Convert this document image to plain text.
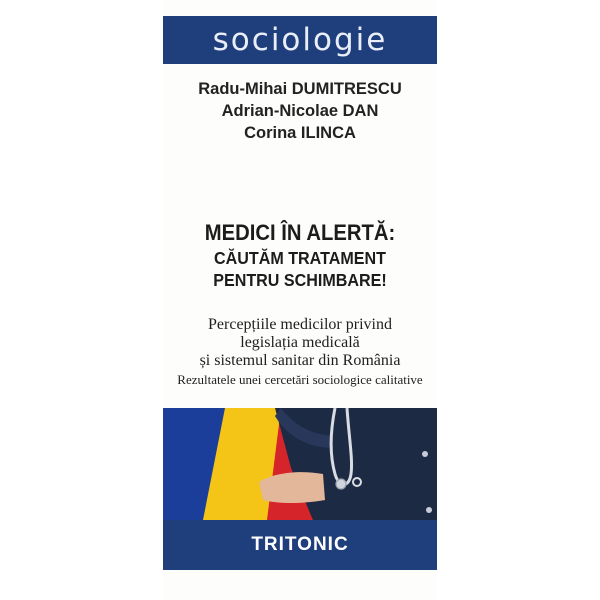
sociologie
Radu-Mihai DUMITRESCU
Adrian-Nicolae DAN
Corina ILINCA
MEDICI ÎN ALERTĂ:
CĂUTĂM TRATAMENT
PENTRU SCHIMBARE!
Percepțiile medicilor privind
legislația medicală
și sistemul sanitar din România
Rezultatele unei cercetări sociologice calitative
TRITONIC
